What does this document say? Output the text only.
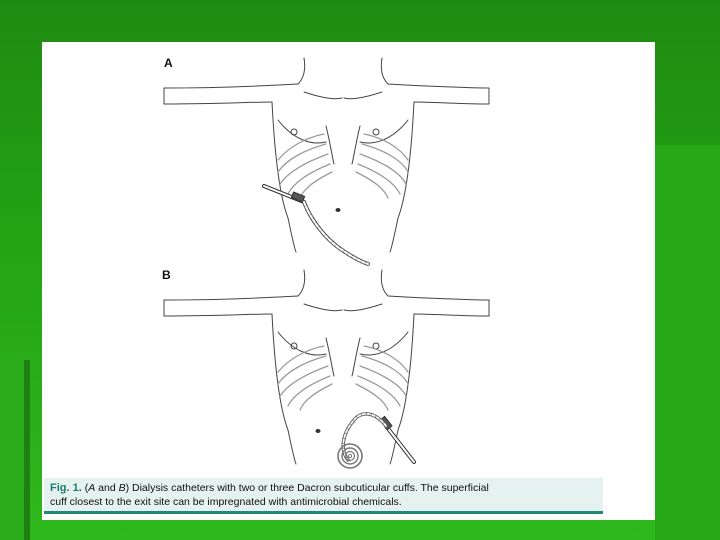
A
B
Fig. 1. (A and B) Dialysis catheters with two or three Dacron subcuticular cuffs. The superficial
cuff closest to the exit site can be impregnated with antimicrobial chemicals.
